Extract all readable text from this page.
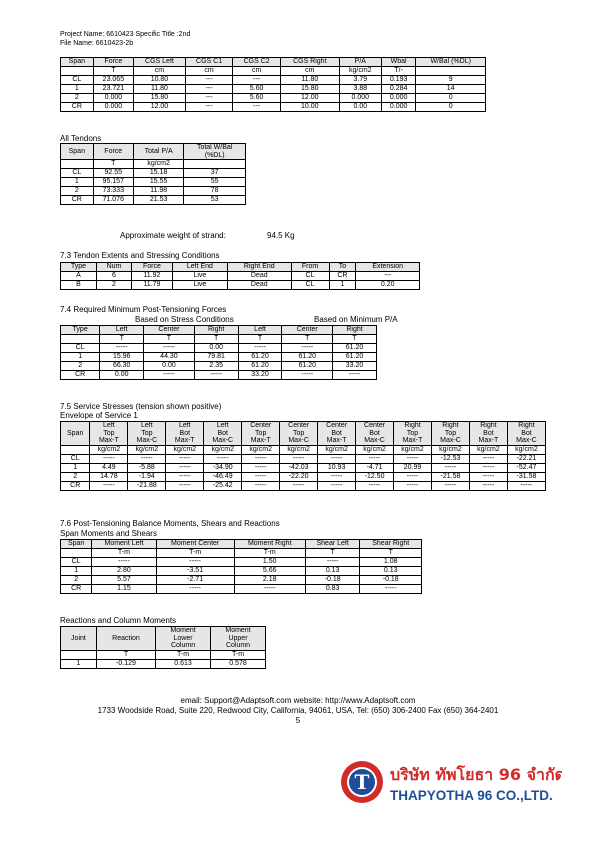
Project Name: 6610423 Specific Title :2nd
File Name: 6610423-2b
Span	Force	CGS Left	CGS C1	CGS C2	CGS Right	P/A	Wbal	W/Bal (%DL)
	T	cm	cm	cm	cm	kg/cm2	T/-	
CL	23.065	10.80	---	---	11.80	3.79	0.193	9
1	23.721	11.80	---	5.60	15.80	3.88	0.284	14
2	0.000	15.80	---	5.60	12.00	0.000	0.000	0
CR	0.000	12.00	---	---	10.00	0.00	0.000	0
All Tendons
Span	Force	Total P/A	Total W/Bal
(%DL)
	T	kg/cm2	
CL	92.55	15.18	37
1	95.157	15.55	55
2	73.333	11.98	78
CR	71.076	21.53	53
Approximate weight of strand:	94.5 Kg
7.3 Tendon Extents and Stressing Conditions
Type	Num	Force	Left End	Right End	From	To	Extension
A	6	11.92	Live	Dead	CL	CR	---
B	2	11.79	Live	Dead	CL	1	0.20
7.4 Required Minimum Post-Tensioning Forces
Based on Stress Conditions	Based on Minimum P/A
Type	Left	Center	Right	Left	Center	Right
	T	T	T	T	T	T
CL	-----	-----	0.00	-----	-----	61.20
1	15.96	44.30	79.81	61.20	61.20	61.20
2	66.30	0.00	2.35	61.20	61.20	33.20
CR	0.00	-----	-----	33.20	-----	-----
7.5 Service Stresses (tension shown positive)
Envelope of Service 1
Span	Left
Top
Max-T	Left
Top
Max-C	Left
Bot
Max-T	Left
Bot
Max-C	Center
Top
Max-T	Center
Top
Max-C	Center
Bot
Max-T	Center
Bot
Max-C	Right
Top
Max-T	Right
Top
Max-C	Right
Bot
Max-T	Right
Bot
Max-C
	kg/cm2	kg/cm2	kg/cm2	kg/cm2	kg/cm2	kg/cm2	kg/cm2	kg/cm2	kg/cm2	kg/cm2	kg/cm2	kg/cm2
CL	-----	-----	-----	-----	-----	-----	-----	-----	-----	-12.53	-----	-22.21
1	4.49	-5.88	-----	-34.90	-----	-42.03	10.93	-4.71	20.99	-----	-----	-52.47
2	14.78	-1.94	-----	-46.49	-----	-22.20	-----	-12.50	-----	-21.58	-----	-31.58
CR	-----	-21.88	-----	-25.42	-----	-----	-----	-----	-----	-----	-----	-----
7.6 Post-Tensioning Balance Moments, Shears and Reactions
Span Moments and Shears
Span	Moment Left	Moment Center	Moment Right	Shear Left	Shear Right
	T-m	T-m	T-m	T	T
CL	-----	-----	1.50	-----	1.08
1	2.80	-3.51	5.66	0.13	0.13
2	5.57	-2.71	2.18	-0.18	-0.18
CR	1.15	-----	-----	0.83	-----
Reactions and Column Moments
Joint	Reaction	Moment
Lower
Column	Moment
Upper
Column
	T	T-m	T-m
1	-0.129	0.613	0.578
email: Support@Adaptsoft.com website: http://www.Adaptsoft.com
1733 Woodside Road, Suite 220, Redwood City, California, 94061, USA, Tel: (650) 306-2400 Fax (650) 364-2401
5
T บริษัท ทัพโยธา 96 จำกัด
THAPYOTHA 96 CO.,LTD.
